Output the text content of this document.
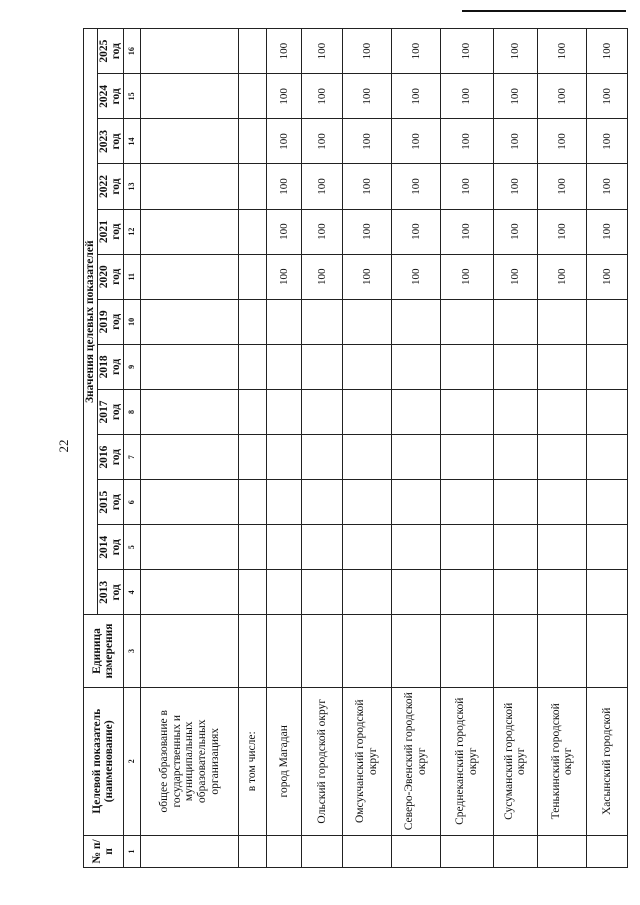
22
№ п/п	Целевой показатель (наименование)	Единица измерения	Значения целевых показателей												
			2013 год	2014 год	2015 год	2016 год	2017 год	2018 год	2019 год	2020 год	2021 год	2022 год	2023 год	2024 год	2025 год
1	2	3	4	5	6	7	8	9	10	11	12	13	14	15	16
	общее образование в государственных и муниципальных образовательных организациях														
	в том числе:														
	город Магадан									100	100	100	100	100	100
	Ольский городской округ									100	100	100	100	100	100
	Омсукчанский городской округ									100	100	100	100	100	100
	Северо-Эвенский городской округ									100	100	100	100	100	100
	Среднеканский городской округ									100	100	100	100	100	100
	Сусуманский городской округ									100	100	100	100	100	100
	Тенькинский городской округ									100	100	100	100	100	100
	Хасынский городской									100	100	100	100	100	100
